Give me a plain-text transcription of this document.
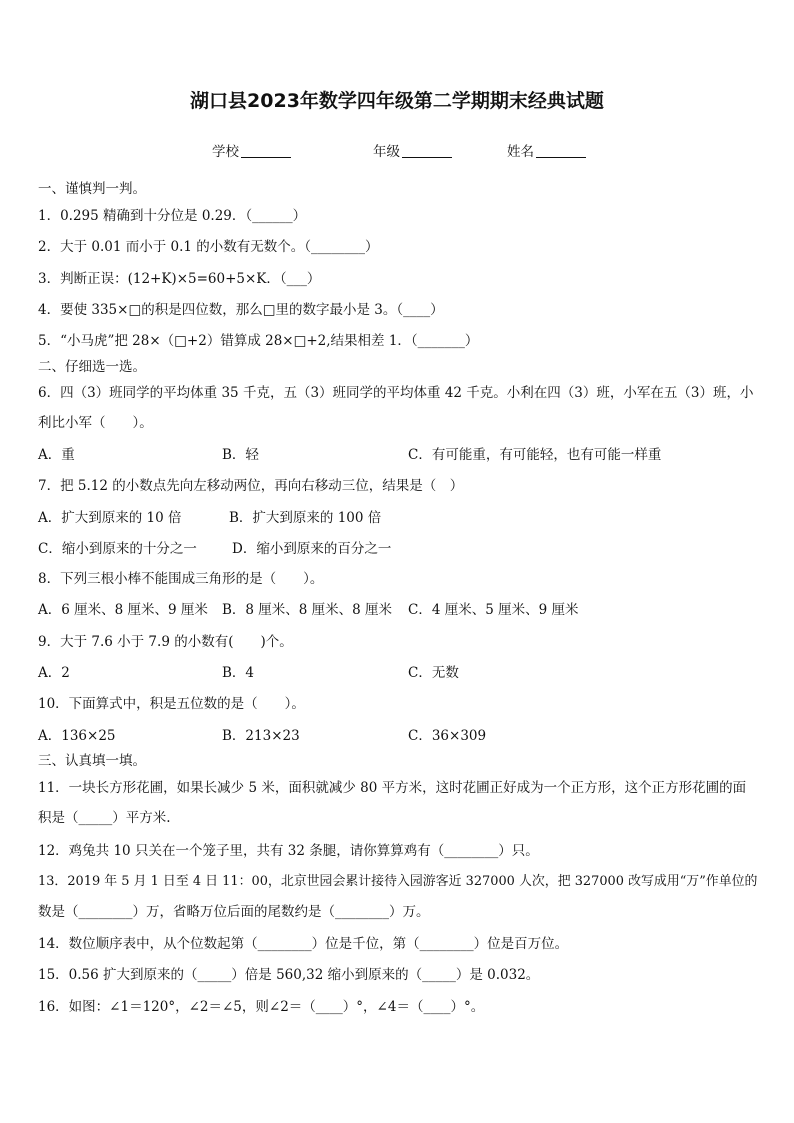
湖口县2023年数学四年级第二学期期末经典试题
学校	年级	姓名
一、谨慎判一判。
1．0.295 精确到十分位是 0.29．（______）
2．大于 0.01 而小于 0.1 的小数有无数个。（________）
3．判断正误：(12+K)×5=60+5×K．（___）
4．要使 335×□的积是四位数，那么□里的数字最小是 3。（____）
5．“小马虎”把 28×（□+2）错算成 28×□+2,结果相差 1．（_______）
二、仔细选一选。
6．四（3）班同学的平均体重 35 千克，五（3）班同学的平均体重 42 千克。小利在四（3）班，小军在五（3）班，小
利比小军（　　）。
A．重	B．轻	C．有可能重，有可能轻，也有可能一样重
7．把 5.12 的小数点先向左移动两位，再向右移动三位，结果是（　）
A．扩大到原来的 10 倍	B．扩大到原来的 100 倍
C．缩小到原来的十分之一	D．缩小到原来的百分之一
8．下列三根小棒不能围成三角形的是（　　）。
A．6 厘米、8 厘米、9 厘米 B．8 厘米、8 厘米、8 厘米 C．4 厘米、5 厘米、9 厘米
9．大于 7.6 小于 7.9 的小数有(　　)个。
A．2	B．4	C．无数
10．下面算式中，积是五位数的是（　　）。
A．136×25	B．213×23	C．36×309
三、认真填一填。
11．一块长方形花圃，如果长减少 5 米，面积就减少 80 平方米，这时花圃正好成为一个正方形，这个正方形花圃的面
积是（_____）平方米.
12．鸡兔共 10 只关在一个笼子里，共有 32 条腿，请你算算鸡有（________）只。
13．2019 年 5 月 1 日至 4 日 11：00，北京世园会累计接待入园游客近 327000 人次，把 327000 改写成用“万”作单位的
数是（________）万，省略万位后面的尾数约是（________）万。
14．数位顺序表中，从个位数起第（________）位是千位，第（________）位是百万位。
15．0.56 扩大到原来的（_____）倍是 560,32 缩小到原来的（_____）是 0.032。
16．如图：∠1＝120°，∠2＝∠5，则∠2＝（____）°，∠4＝（____）°。
